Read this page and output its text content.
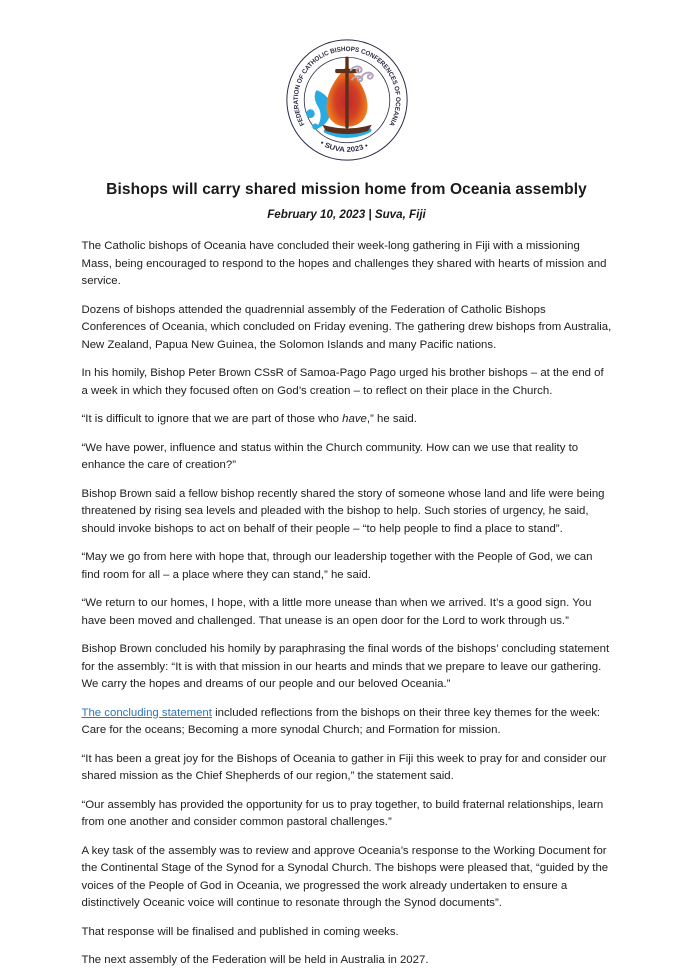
FEDERATION OF CATHOLIC BISHOPS CONFERENCES OF OCEANIA
• SUVA 2023 •
Bishops will carry shared mission home from Oceania assembly
February 10, 2023 | Suva, Fiji

The Catholic bishops of Oceania have concluded their week-long gathering in Fiji with a missioning Mass, being encouraged to respond to the hopes and challenges they shared with hearts of mission and service.

Dozens of bishops attended the quadrennial assembly of the Federation of Catholic Bishops Conferences of Oceania, which concluded on Friday evening. The gathering drew bishops from Australia, New Zealand, Papua New Guinea, the Solomon Islands and many Pacific nations.

In his homily, Bishop Peter Brown CSsR of Samoa-Pago Pago urged his brother bishops – at the end of a week in which they focused often on God’s creation – to reflect on their place in the Church.

“It is difficult to ignore that we are part of those who have,” he said.

“We have power, influence and status within the Church community. How can we use that reality to enhance the care of creation?”

Bishop Brown said a fellow bishop recently shared the story of someone whose land and life were being threatened by rising sea levels and pleaded with the bishop to help. Such stories of urgency, he said, should invoke bishops to act on behalf of their people – “to help people to find a place to stand”.

“May we go from here with hope that, through our leadership together with the People of God, we can find room for all – a place where they can stand,” he said.

“We return to our homes, I hope, with a little more unease than when we arrived. It’s a good sign. You have been moved and challenged. That unease is an open door for the Lord to work through us.”

Bishop Brown concluded his homily by paraphrasing the final words of the bishops’ concluding statement for the assembly: “It is with that mission in our hearts and minds that we prepare to leave our gathering. We carry the hopes and dreams of our people and our beloved Oceania.”

The concluding statement included reflections from the bishops on their three key themes for the week: Care for the oceans; Becoming a more synodal Church; and Formation for mission.

“It has been a great joy for the Bishops of Oceania to gather in Fiji this week to pray for and consider our shared mission as the Chief Shepherds of our region,” the statement said.

“Our assembly has provided the opportunity for us to pray together, to build fraternal relationships, learn from one another and consider common pastoral challenges.”

A key task of the assembly was to review and approve Oceania’s response to the Working Document for the Continental Stage of the Synod for a Synodal Church. The bishops were pleased that, “guided by the voices of the People of God in Oceania, we progressed the work already undertaken to ensure a distinctively Oceanic voice will continue to resonate through the Synod documents”.

That response will be finalised and published in coming weeks.

The next assembly of the Federation will be held in Australia in 2027.
